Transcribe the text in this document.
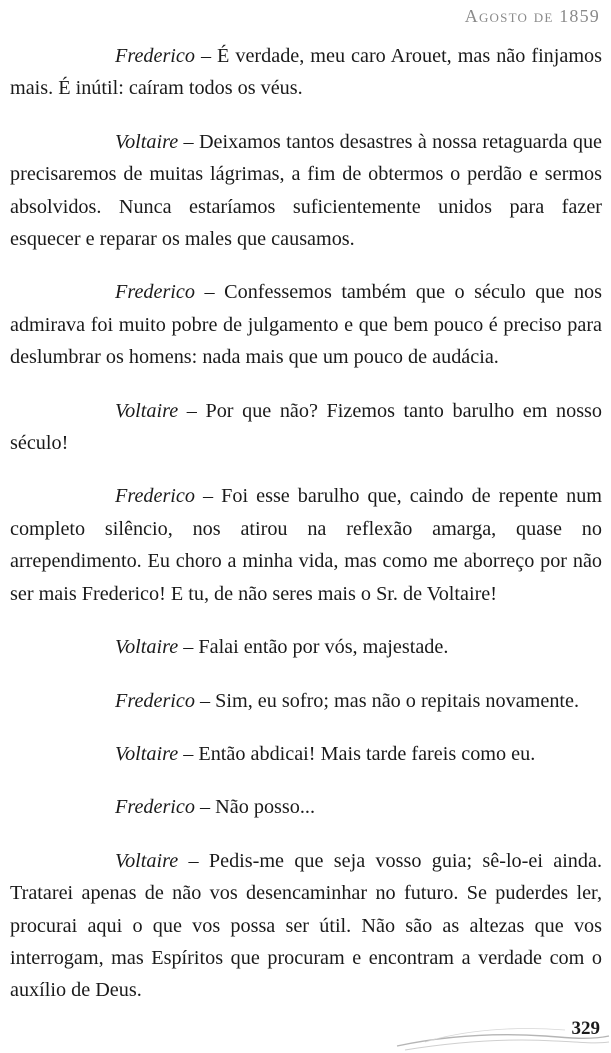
Agosto de 1859

Frederico – É verdade, meu caro Arouet, mas não finjamos mais. É inútil: caíram todos os véus.

Voltaire – Deixamos tantos desastres à nossa retaguarda que precisaremos de muitas lágrimas, a fim de obtermos o perdão e sermos absolvidos. Nunca estaríamos suficientemente unidos para fazer esquecer e reparar os males que causamos.

Frederico – Confessemos também que o século que nos admirava foi muito pobre de julgamento e que bem pouco é preciso para deslumbrar os homens: nada mais que um pouco de audácia.

Voltaire – Por que não? Fizemos tanto barulho em nosso século!

Frederico – Foi esse barulho que, caindo de repente num completo silêncio, nos atirou na reflexão amarga, quase no arrependimento. Eu choro a minha vida, mas como me aborreço por não ser mais Frederico! E tu, de não seres mais o Sr. de Voltaire!

Voltaire – Falai então por vós, majestade.

Frederico – Sim, eu sofro; mas não o repitais novamente.

Voltaire – Então abdicai! Mais tarde fareis como eu.

Frederico – Não posso...

Voltaire – Pedis-me que seja vosso guia; sê-lo-ei ainda. Tratarei apenas de não vos desencaminhar no futuro. Se puderdes ler, procurai aqui o que vos possa ser útil. Não são as altezas que vos interrogam, mas Espíritos que procuram e encontram a verdade com o auxílio de Deus.

329
